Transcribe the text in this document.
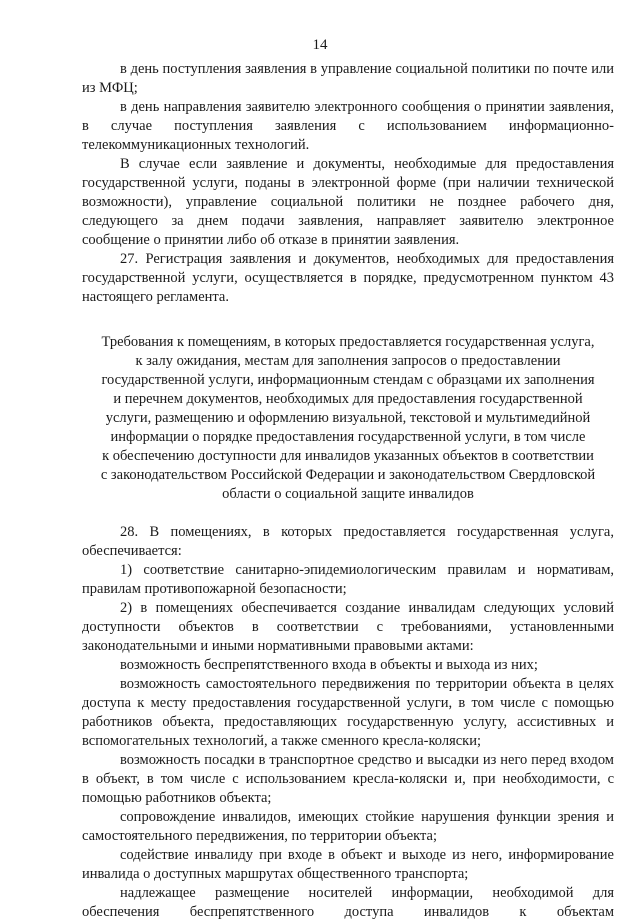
14

в день поступления заявления в управление социальной политики по почте или из МФЦ;

в день направления заявителю электронного сообщения о принятии заявления, в случае поступления заявления с использованием информационно-телекоммуникационных технологий.

В случае если заявление и документы, необходимые для предоставления государственной услуги, поданы в электронной форме (при наличии технической возможности), управление социальной политики не позднее рабочего дня, следующего за днем подачи заявления, направляет заявителю электронное сообщение о принятии либо об отказе в принятии заявления.

27. Регистрация заявления и документов, необходимых для предоставления государственной услуги, осуществляется в порядке, предусмотренном пунктом 43 настоящего регламента.

Требования к помещениям, в которых предоставляется государственная услуга,
к залу ожидания, местам для заполнения запросов о предоставлении
государственной услуги, информационным стендам с образцами их заполнения
и перечнем документов, необходимых для предоставления государственной
услуги, размещению и оформлению визуальной, текстовой и мультимедийной
информации о порядке предоставления государственной услуги, в том числе
к обеспечению доступности для инвалидов указанных объектов в соответствии
с законодательством Российской Федерации и законодательством Свердловской
области о социальной защите инвалидов

28. В помещениях, в которых предоставляется государственная услуга, обеспечивается:

1) соответствие санитарно-эпидемиологическим правилам и нормативам, правилам противопожарной безопасности;

2) в помещениях обеспечивается создание инвалидам следующих условий доступности объектов в соответствии с требованиями, установленными законодательными и иными нормативными правовыми актами:

возможность беспрепятственного входа в объекты и выхода из них;

возможность самостоятельного передвижения по территории объекта в целях доступа к месту предоставления государственной услуги, в том числе с помощью работников объекта, предоставляющих государственную услугу, ассистивных и вспомогательных технологий, а также сменного кресла-коляски;

возможность посадки в транспортное средство и высадки из него перед входом в объект, в том числе с использованием кресла-коляски и, при необходимости, с помощью работников объекта;

сопровождение инвалидов, имеющих стойкие нарушения функции зрения и самостоятельного передвижения, по территории объекта;

содействие инвалиду при входе в объект и выходе из него, информирование инвалида о доступных маршрутах общественного транспорта;

надлежащее размещение носителей информации, необходимой для обеспечения беспрепятственного доступа инвалидов к объектам
